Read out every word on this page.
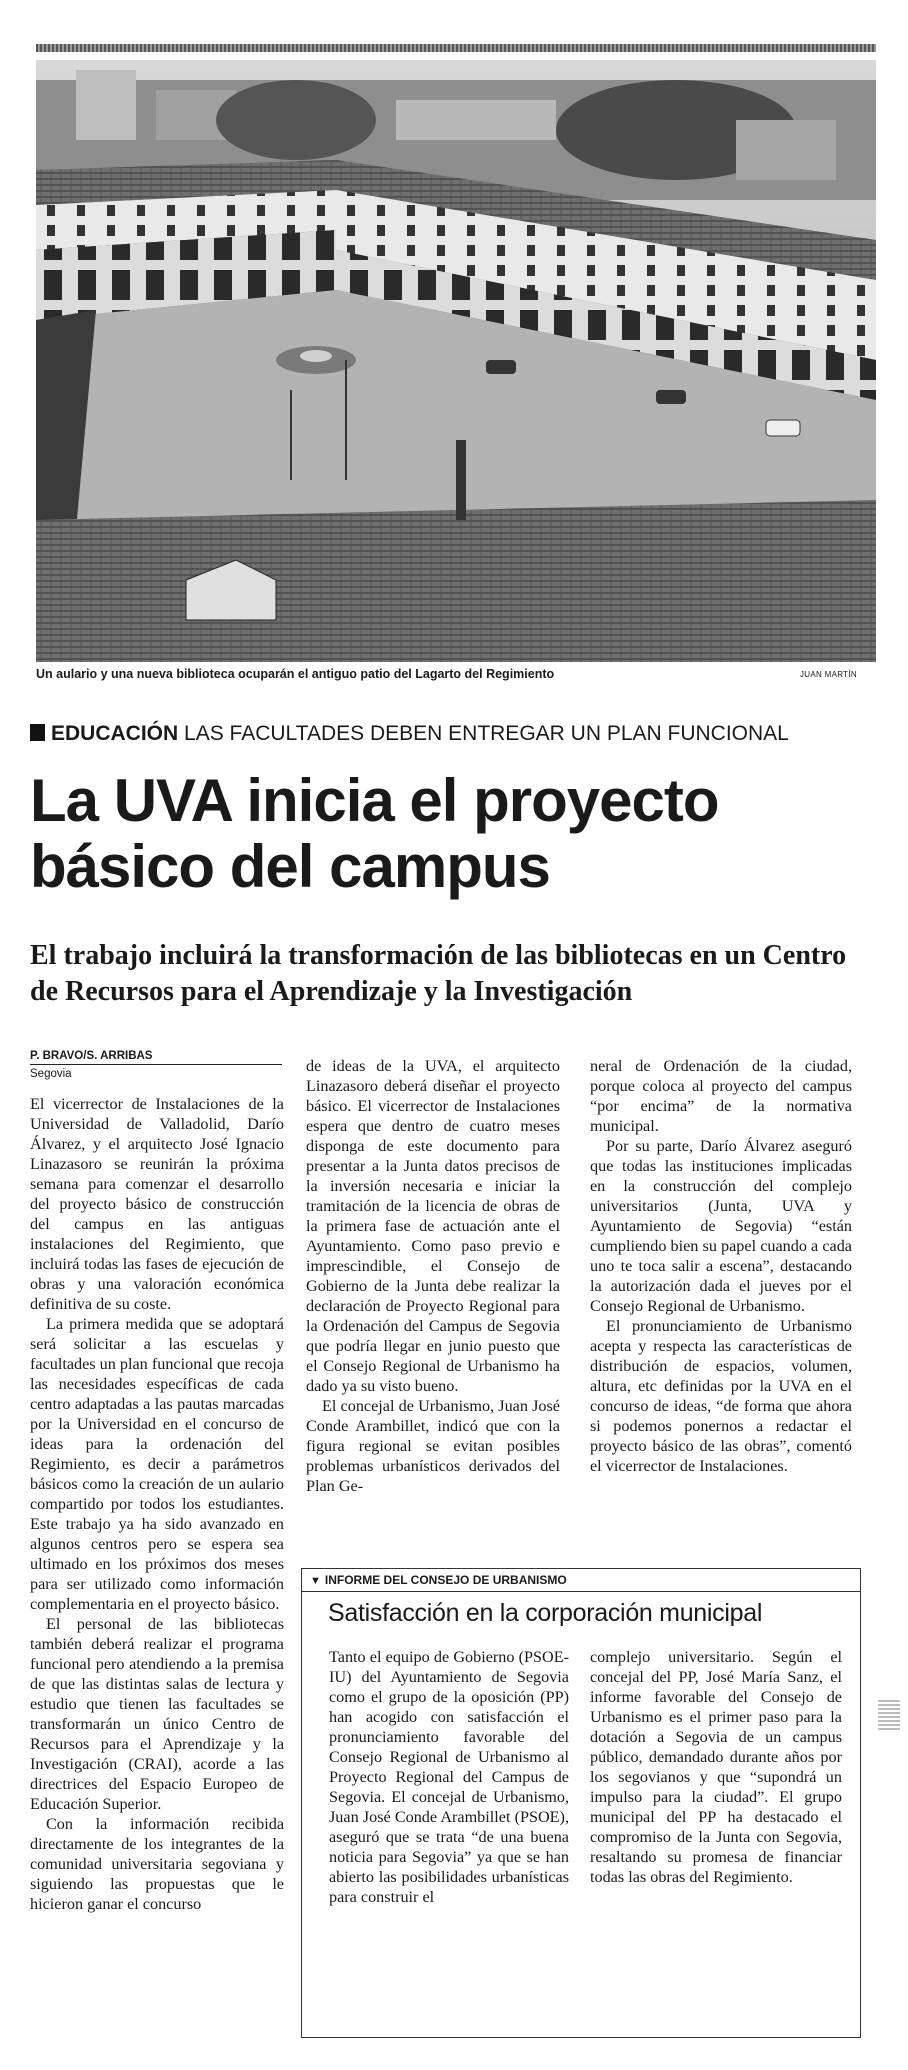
Un aulario y una nueva biblioteca ocuparán el antiguo patio del Lagarto del Regimiento	JUAN MARTÍN
EDUCACIÓN LAS FACULTADES DEBEN ENTREGAR UN PLAN FUNCIONAL
La UVA inicia el proyecto básico del campus
El trabajo incluirá la transformación de las bibliotecas en un Centro de Recursos para el Aprendizaje y la Investigación
P. BRAVO/S. ARRIBAS
Segovia

El vicerrector de Instalaciones de la Universidad de Valladolid, Darío Álvarez, y el arquitecto José Ignacio Linazasoro se reunirán la próxima semana para comenzar el desarrollo del proyecto básico de construcción del campus en las antiguas instalaciones del Regimiento, que incluirá todas las fases de ejecución de obras y una valoración económica definitiva de su coste.

La primera medida que se adoptará será solicitar a las escuelas y facultades un plan funcional que recoja las necesidades específicas de cada centro adaptadas a las pautas marcadas por la Universidad en el concurso de ideas para la ordenación del Regimiento, es decir a parámetros básicos como la creación de un aulario compartido por todos los estudiantes. Este trabajo ya ha sido avanzado en algunos centros pero se espera sea ultimado en los próximos dos meses para ser utilizado como información complementaria en el proyecto básico.

El personal de las bibliotecas también deberá realizar el programa funcional pero atendiendo a la premisa de que las distintas salas de lectura y estudio que tienen las facultades se transformarán un único Centro de Recursos para el Aprendizaje y la Investigación (CRAI), acorde a las directrices del Espacio Europeo de Educación Superior.

Con la información recibida directamente de los integrantes de la comunidad universitaria segoviana y siguiendo las propuestas que le hicieron ganar el concurso

de ideas de la UVA, el arquitecto Linazasoro deberá diseñar el proyecto básico. El vicerrector de Instalaciones espera que dentro de cuatro meses disponga de este documento para presentar a la Junta datos precisos de la inversión necesaria e iniciar la tramitación de la licencia de obras de la primera fase de actuación ante el Ayuntamiento. Como paso previo e imprescindible, el Consejo de Gobierno de la Junta debe realizar la declaración de Proyecto Regional para la Ordenación del Campus de Segovia que podría llegar en junio puesto que el Consejo Regional de Urbanismo ha dado ya su visto bueno.

El concejal de Urbanismo, Juan José Conde Arambillet, indicó que con la figura regional se evitan posibles problemas urbanísticos derivados del Plan Ge-

neral de Ordenación de la ciudad, porque coloca al proyecto del campus “por encima” de la normativa municipal.

Por su parte, Darío Álvarez aseguró que todas las instituciones implicadas en la construcción del complejo universitarios (Junta, UVA y Ayuntamiento de Segovia) “están cumpliendo bien su papel cuando a cada uno te toca salir a escena”, destacando la autorización dada el jueves por el Consejo Regional de Urbanismo.

El pronunciamiento de Urbanismo acepta y respecta las características de distribución de espacios, volumen, altura, etc definidas por la UVA en el concurso de ideas, “de forma que ahora si podemos ponernos a redactar el proyecto básico de las obras”, comentó el vicerrector de Instalaciones.

▼ INFORME DEL CONSEJO DE URBANISMO
Satisfacción en la corporación municipal

Tanto el equipo de Gobierno (PSOE-IU) del Ayuntamiento de Segovia como el grupo de la oposición (PP) han acogido con satisfacción el pronunciamiento favorable del Consejo Regional de Urbanismo al Proyecto Regional del Campus de Segovia. El concejal de Urbanismo, Juan José Conde Arambillet (PSOE), aseguró que se trata “de una buena noticia para Segovia” ya que se han abierto las posibilidades urbanísticas para construir el

complejo universitario. Según el concejal del PP, José María Sanz, el informe favorable del Consejo de Urbanismo es el primer paso para la dotación a Segovia de un campus público, demandado durante años por los segovianos y que “supondrá un impulso para la ciudad”. El grupo municipal del PP ha destacado el compromiso de la Junta con Segovia, resaltando su promesa de financiar todas las obras del Regimiento.
